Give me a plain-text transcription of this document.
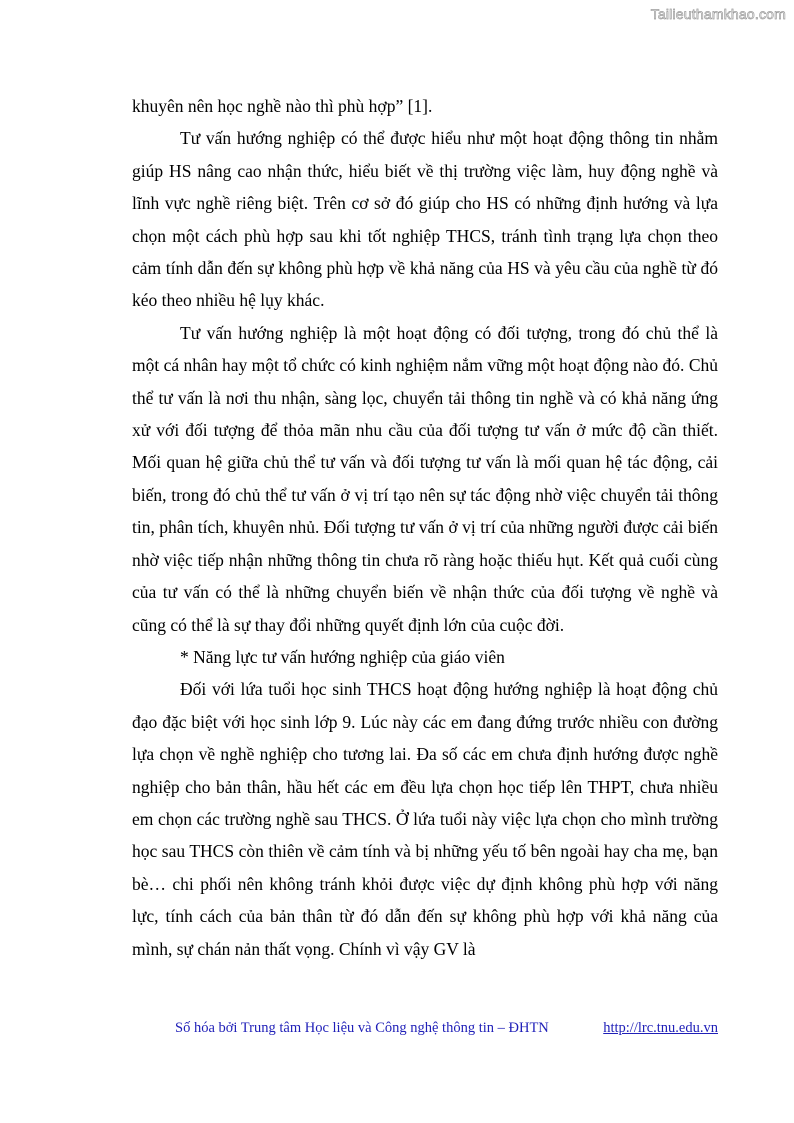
Tailieuthamkhao.com

khuyên nên học nghề nào thì phù hợp” [1].

Tư vấn hướng nghiệp có thể được hiểu như một hoạt động thông tin nhằm giúp HS nâng cao nhận thức, hiểu biết về thị trường việc làm, huy động nghề và lĩnh vực nghề riêng biệt. Trên cơ sở đó giúp cho HS có những định hướng và lựa chọn một cách phù hợp sau khi tốt nghiệp THCS, tránh tình trạng lựa chọn theo cảm tính dẫn đến sự không phù hợp về khả năng của HS và yêu cầu của nghề từ đó kéo theo nhiều hệ lụy khác.

Tư vấn hướng nghiệp là một hoạt động có đối tượng, trong đó chủ thể là một cá nhân hay một tổ chức có kinh nghiệm nắm vững một hoạt động nào đó. Chủ thể tư vấn là nơi thu nhận, sàng lọc, chuyển tải thông tin nghề và có khả năng ứng xử với đối tượng để thỏa mãn nhu cầu của đối tượng tư vấn ở mức độ cần thiết. Mối quan hệ giữa chủ thể tư vấn và đối tượng tư vấn là mối quan hệ tác động, cải biến, trong đó chủ thể tư vấn ở vị trí tạo nên sự tác động nhờ việc chuyển tải thông tin, phân tích, khuyên nhủ. Đối tượng tư vấn ở vị trí của những người được cải biến nhờ việc tiếp nhận những thông tin chưa rõ ràng hoặc thiếu hụt. Kết quả cuối cùng của tư vấn có thể là những chuyển biến về nhận thức của đối tượng về nghề và cũng có thể là sự thay đổi những quyết định lớn của cuộc đời.

* Năng lực tư vấn hướng nghiệp của giáo viên

Đối với lứa tuổi học sinh THCS hoạt động hướng nghiệp là hoạt động chủ đạo đặc biệt với học sinh lớp 9. Lúc này các em đang đứng trước nhiều con đường lựa chọn về nghề nghiệp cho tương lai. Đa số các em chưa định hướng được nghề nghiệp cho bản thân, hầu hết các em đều lựa chọn học tiếp lên THPT, chưa nhiều em chọn các trường nghề sau THCS. Ở lứa tuổi này việc lựa chọn cho mình trường học sau THCS còn thiên về cảm tính và bị những yếu tố bên ngoài hay cha mẹ, bạn bè… chi phối nên không tránh khỏi được việc dự định không phù hợp với năng lực, tính cách của bản thân từ đó dẫn đến sự không phù hợp với khả năng của mình, sự chán nản thất vọng. Chính vì vậy GV là

Số hóa bởi Trung tâm Học liệu và Công nghệ thông tin – ĐHTN	http://lrc.tnu.edu.vn
